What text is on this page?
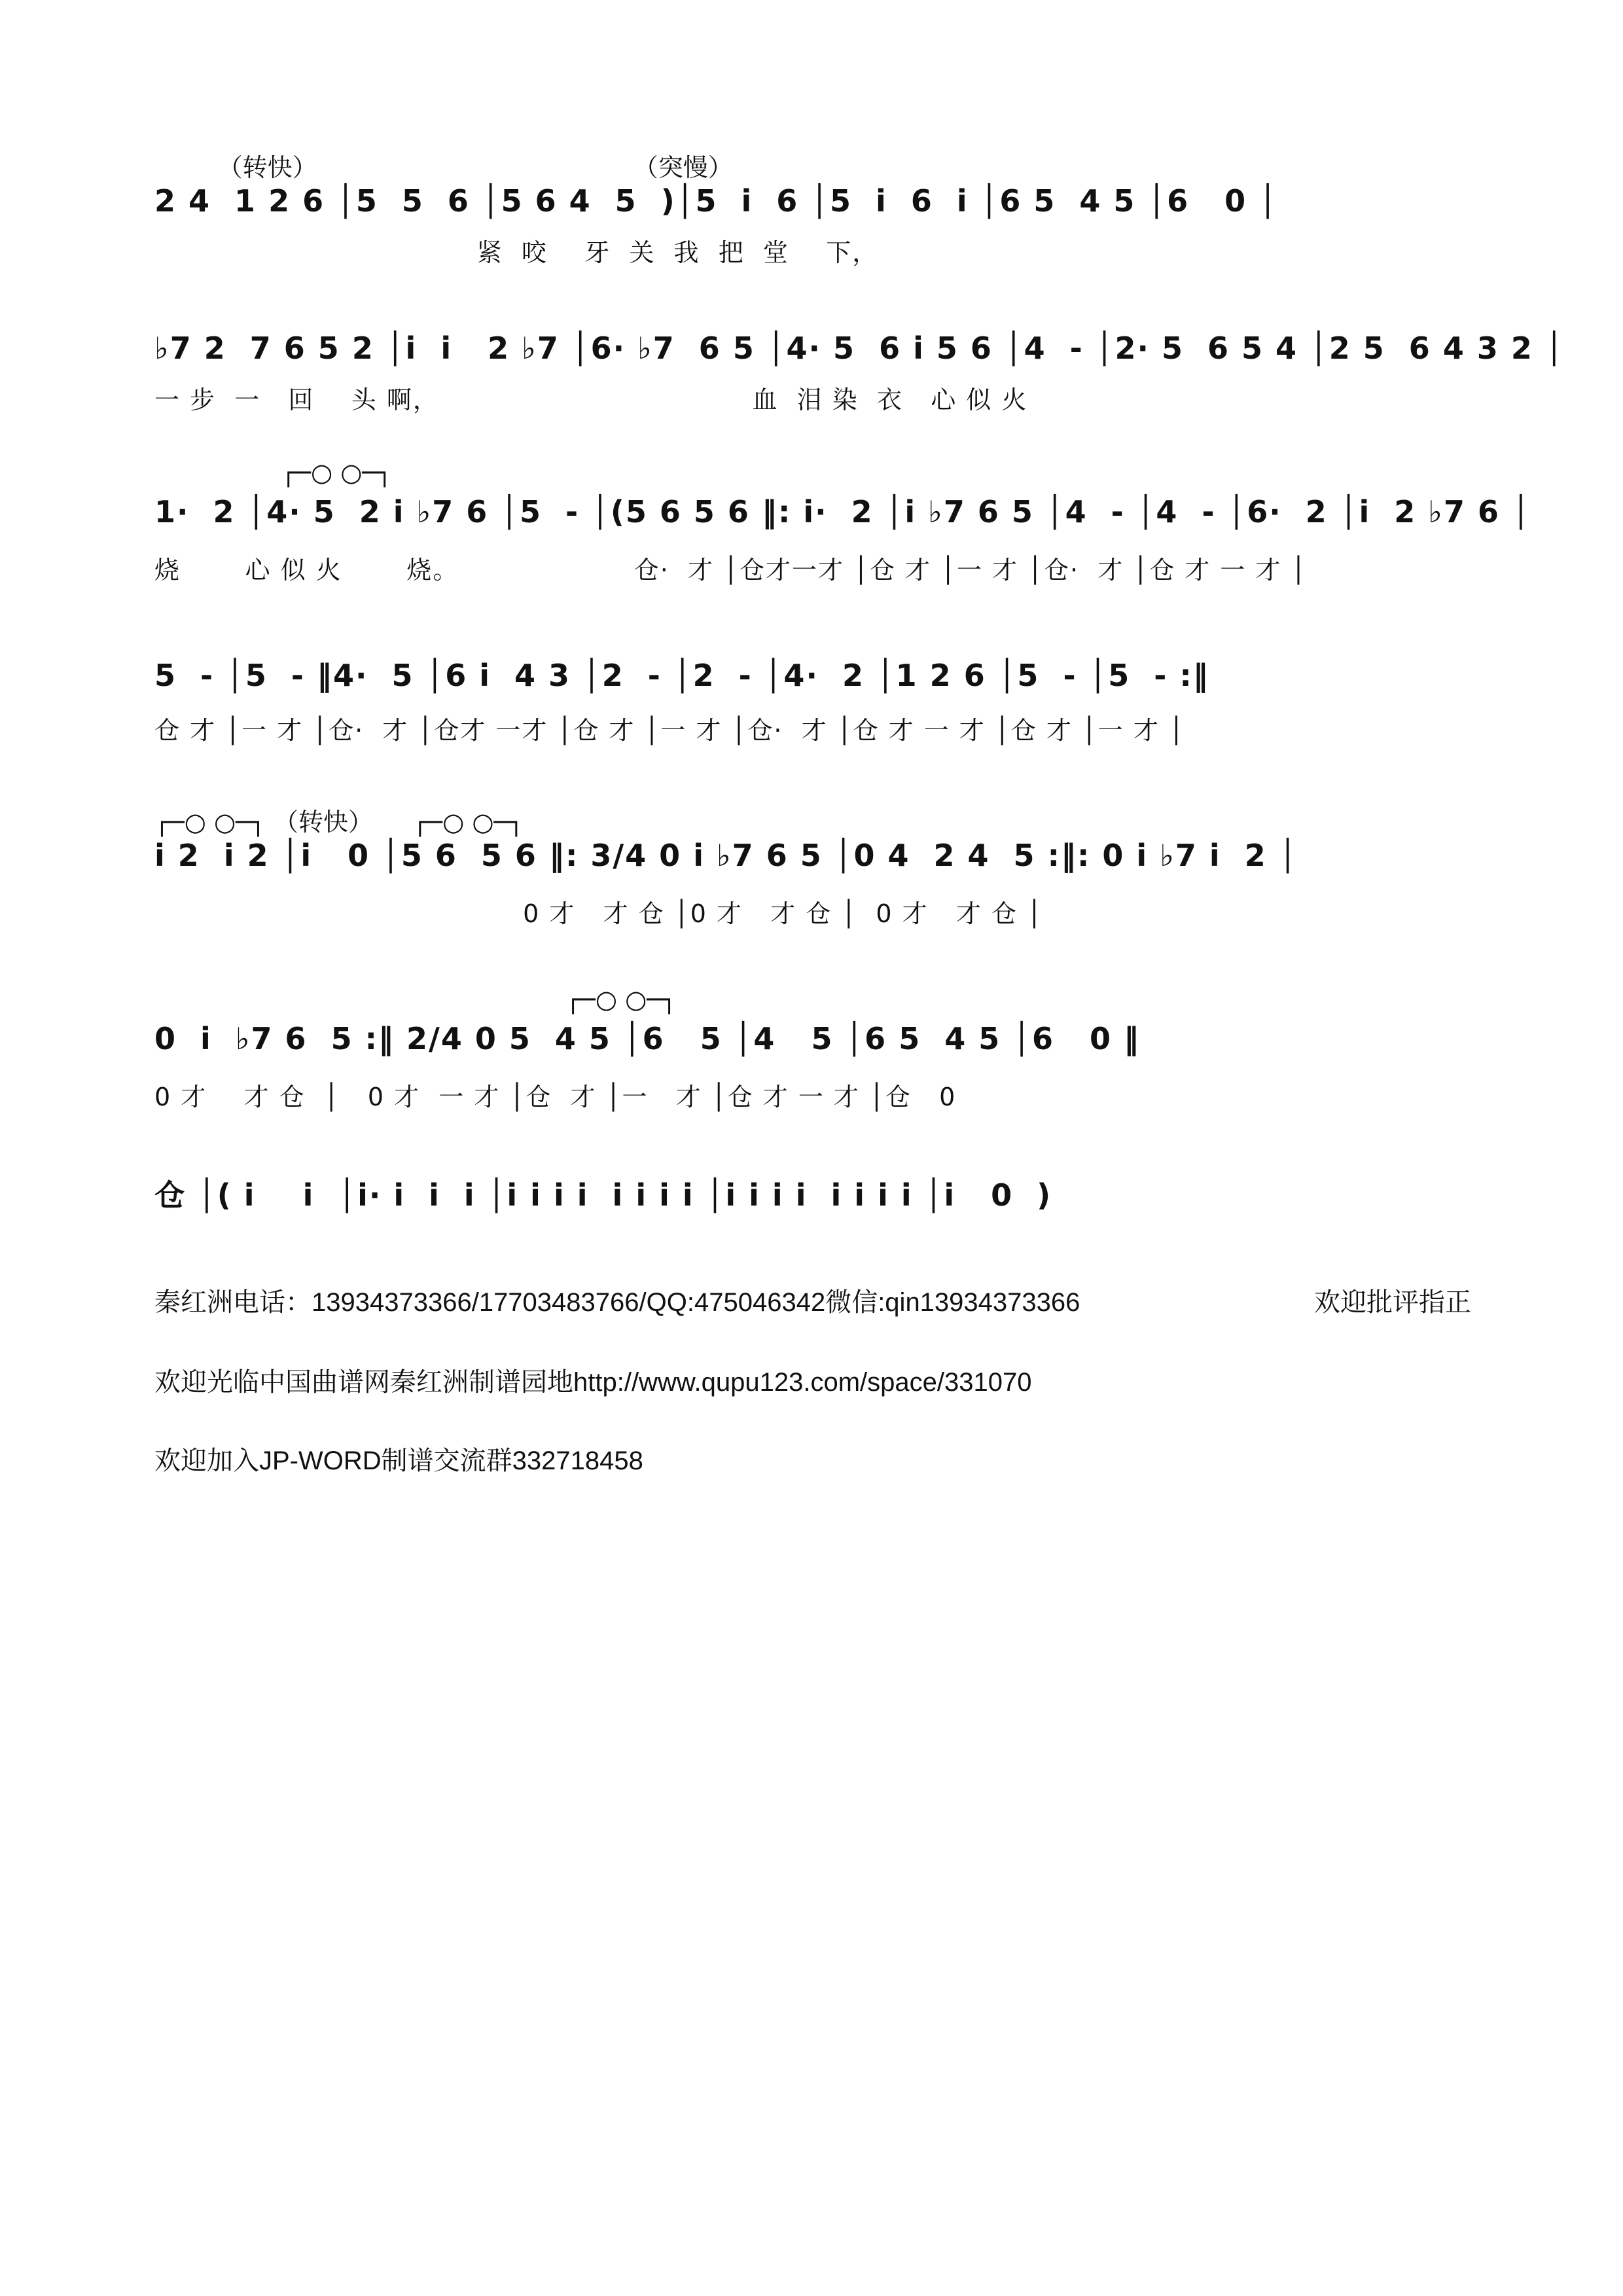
（转快）                                        （突慢）
2 4  1 2 6 │5  5  6 │5 6 4  5  )│5  i  6 │5  i  6  i │6 5  4 5 │6   0 │
紧  咬    牙  关  我  把  堂    下，
♭7 2  7 6 5 2 │i  i   2 ♭7 │6· ♭7  6 5 │4· 5  6 i 5 6 │4  - │2· 5  6 5 4 │2 5  6 4 3 2 │
一 步  一   回    头 啊，                                  血  泪 染  衣   心 似 火
┌─○ ○─┐
1·  2 │4· 5  2 i ♭7 6 │5  - │(5 6 5 6 ‖: i·  2 │i ♭7 6 5 │4  - │4  - │6·  2 │i  2 ♭7 6 │
烧       心 似 火       烧。                   仓·  才 │仓才一才 │仓 才 │一 才 │仓·  才 │仓 才 一 才 │
5  - │5  - ‖4·  5 │6 i  4 3 │2  - │2  - │4·  2 │1 2 6 │5  - │5  - :‖
仓 才 │一 才 │仓·  才 │仓才 一才 │仓 才 │一 才 │仓·  才 │仓 才 一 才 │仓 才 │一 才 │
┌─○ ○─┐ （转快）     ┌─○ ○─┐
i 2  i 2 │i   0 │5 6  5 6 ‖: 3/4 0 i ♭7 6 5 │0 4  2 4  5 :‖: 0 i ♭7 i  2 │
0 才   才 仓 │0 才   才 仓 │  0 才   才 仓 │
┌─○ ○─┐
0  i  ♭7 6  5 :‖ 2/4 0 5  4 5 │6   5 │4   5 │6 5  4 5 │6   0 ‖
0 才    才 仓  │   0 才  一 才 │仓  才 │一   才 │仓 才 一 才 │仓   0
仓 │( i    i  │i· i  i  i │i i i i  i i i i │i i i i  i i i i │i   0  )
秦红洲电话：13934373366/17703483766/QQ:475046342微信:qin13934373366	欢迎批评指正
欢迎光临中国曲谱网秦红洲制谱园地http://www.qupu123.com/space/331070
欢迎加入JP-WORD制谱交流群332718458
